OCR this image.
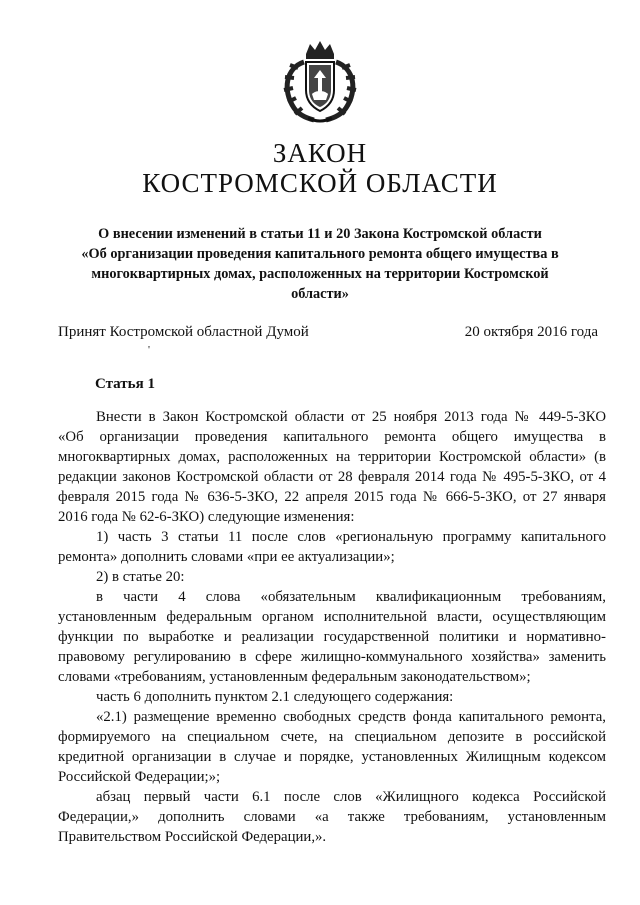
ЗАКОН
КОСТРОМСКОЙ ОБЛАСТИ
О внесении изменений в статьи 11 и 20 Закона Костромской области
«Об организации проведения капитального ремонта общего имущества в
многоквартирных домах, расположенных на территории Костромской
области»
Принят Костромской областной Думой	20 октября 2016 года
'
Статья 1
Внести в Закон Костромской области от 25 ноября 2013 года № 449-5-ЗКО
«Об организации проведения капитального ремонта общего имущества в
многоквартирных домах, расположенных на территории Костромской области» (в
редакции законов Костромской области от 28 февраля 2014 года № 495-5-ЗКО, от 4
февраля 2015 года № 636-5-ЗКО, 22 апреля 2015 года № 666-5-ЗКО, от 27 января
2016 года № 62-6-ЗКО) следующие изменения:
1) часть 3 статьи 11 после слов «региональную программу капитального
ремонта» дополнить словами «при ее актуализации»;
2) в статье 20:
в части 4 слова «обязательным квалификационным требованиям,
установленным федеральным органом исполнительной власти, осуществляющим
функции по выработке и реализации государственной политики и нормативно-
правовому регулированию в сфере жилищно-коммунального хозяйства» заменить
словами «требованиям, установленным федеральным законодательством»;
часть 6 дополнить пунктом 2.1 следующего содержания:
«2.1) размещение временно свободных средств фонда капитального ремонта,
формируемого на специальном счете, на специальном депозите в российской
кредитной организации в случае и порядке, установленных Жилищным кодексом
Российской Федерации;»;
абзац первый части 6.1 после слов «Жилищного кодекса Российской
Федерации,» дополнить словами «а также требованиям, установленным
Правительством Российской Федерации,».
